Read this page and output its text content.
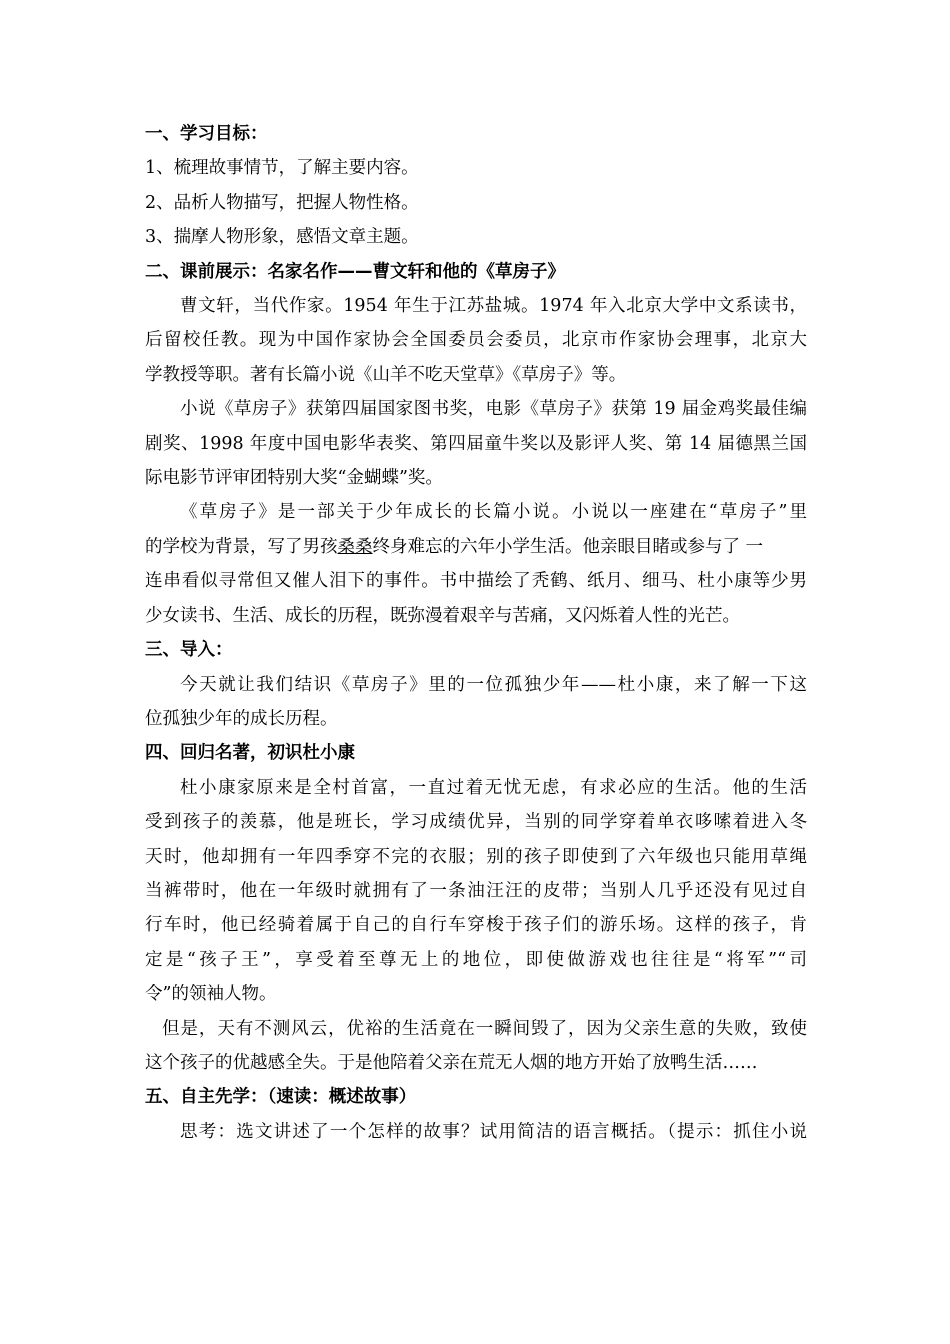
一、学习目标：
1、梳理故事情节，了解主要内容。
2、品析人物描写，把握人物性格。
3、揣摩人物形象，感悟文章主题。
二、课前展示：名家名作——曹文轩和他的《草房子》
曹文轩，当代作家。1954 年生于江苏盐城。1974 年入北京大学中文系读书，
后留校任教。现为中国作家协会全国委员会委员，北京市作家协会理事，北京大
学教授等职。著有长篇小说《山羊不吃天堂草》《草房子》等。
小说《草房子》获第四届国家图书奖，电影《草房子》获第 19 届金鸡奖最佳编
剧奖、1998 年度中国电影华表奖、第四届童牛奖以及影评人奖、第 14 届德黑兰国
际电影节评审团特别大奖“金蝴蝶”奖。
《草房子》是一部关于少年成长的长篇小说。小说以一座建在“草房子”里
的学校为背景，写了男孩桑桑终身难忘的六年小学生活。他亲眼目睹或参与了 一
连串看似寻常但又催人泪下的事件。书中描绘了秃鹤、纸月、细马、杜小康等少男
少女读书、生活、成长的历程，既弥漫着艰辛与苦痛，又闪烁着人性的光芒。
三、导入：
今天就让我们结识《草房子》里的一位孤独少年——杜小康，来了解一下这
位孤独少年的成长历程。
四、回归名著，初识杜小康
杜小康家原来是全村首富，一直过着无忧无虑，有求必应的生活。他的生活
受到孩子的羡慕，他是班长，学习成绩优异，当别的同学穿着单衣哆嗦着进入冬
天时，他却拥有一年四季穿不完的衣服；别的孩子即使到了六年级也只能用草绳
当裤带时，他在一年级时就拥有了一条油汪汪的皮带；当别人几乎还没有见过自
行车时，他已经骑着属于自己的自行车穿梭于孩子们的游乐场。这样的孩子，肯
定是“孩子王”，享受着至尊无上的地位，即使做游戏也往往是“将军”“司
令”的领袖人物。
但是，天有不测风云，优裕的生活竟在一瞬间毁了，因为父亲生意的失败，致使
这个孩子的优越感全失。于是他陪着父亲在荒无人烟的地方开始了放鸭生活……
五、自主先学：（速读：概述故事）
思考：选文讲述了一个怎样的故事？试用简洁的语言概括。（提示：抓住小说
